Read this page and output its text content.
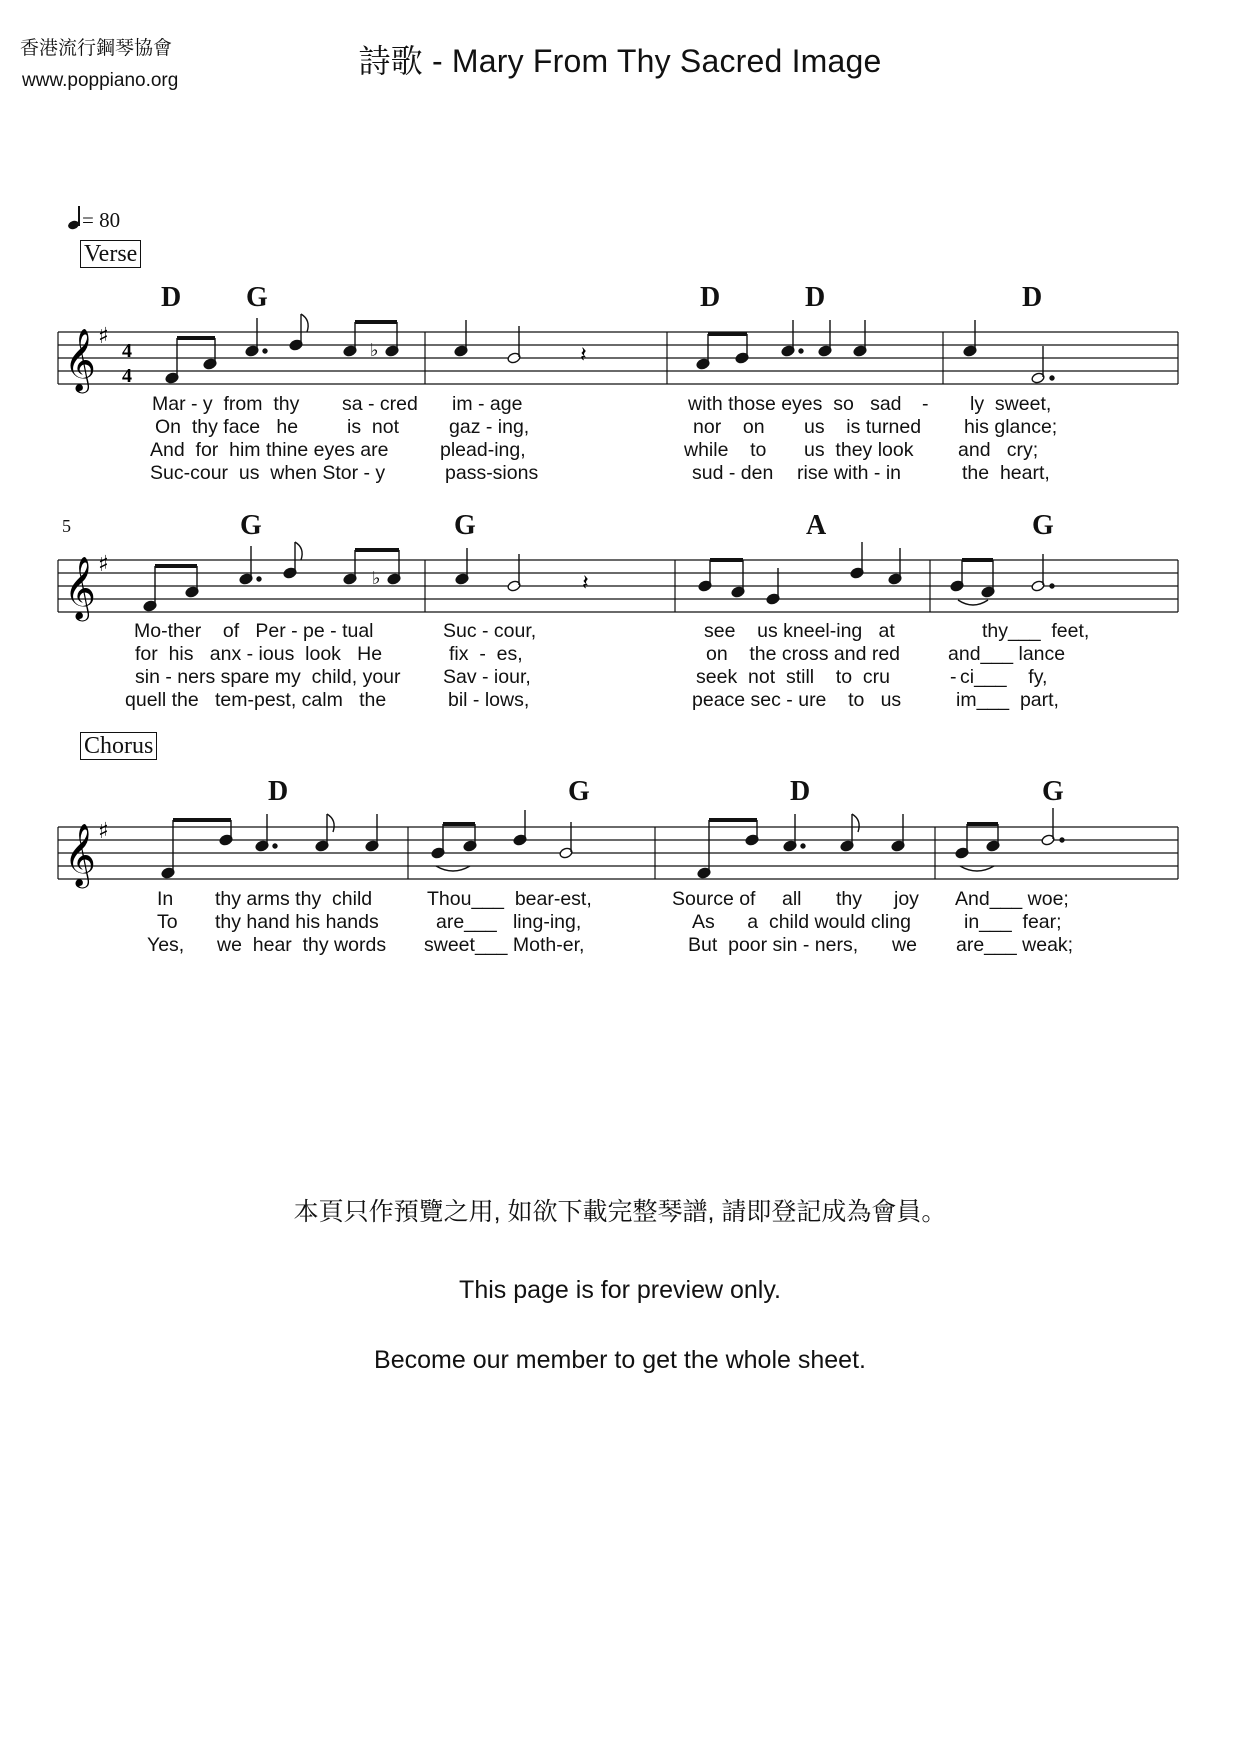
香港流行鋼琴協會
www.poppiano.org
詩歌 - Mary From Thy Sacred Image
= 80
Verse
Chorus
D G	D	D	D
𝄞 ♯
4
4
♭	𝄽
Mar - y  from  thy sa - cred im - age	with those eyes  so   sad - ly  sweet,
On  thy face   he	is  not	gaz - ing,	nor    on us    is turned his glance;
And  for  him thine eyes are	plead-ing,	while    to us  they look and   cry;
Suc-cour  us  when Stor - y	pass-sions	sud - den rise with - in	the  heart,
5	G	G	A	G
𝄞 ♯
♭	𝄽
Mo-ther    of   Per - pe - tual	Suc - cour,	see    us kneel-ing   at	thy___  feet,
for  his   anx - ious  look   He	fix  -  es,	on    the cross and red and___ lance
sin - ners spare my  child, your Sav - iour,	seek  not  still    to  cru	- ci___    fy,
quell the   tem-pest, calm   the	bil - lows,	peace sec - ure    to   us	im___  part,
D	G	D	G
𝄞 ♯
In thy arms thy  child	Thou___  bear-est,	Source of all thy joy And___ woe;
To thy hand his hands	are___   ling-ing,	As      a  child would cling	in___  fear;
Yes, we  hear  thy words sweet___ Moth-er,	But  poor sin - ners, we are___ weak;
本頁只作預覽之用, 如欲下載完整琴譜, 請即登記成為會員。
This page is for preview only.
Become our member to get the whole sheet.
